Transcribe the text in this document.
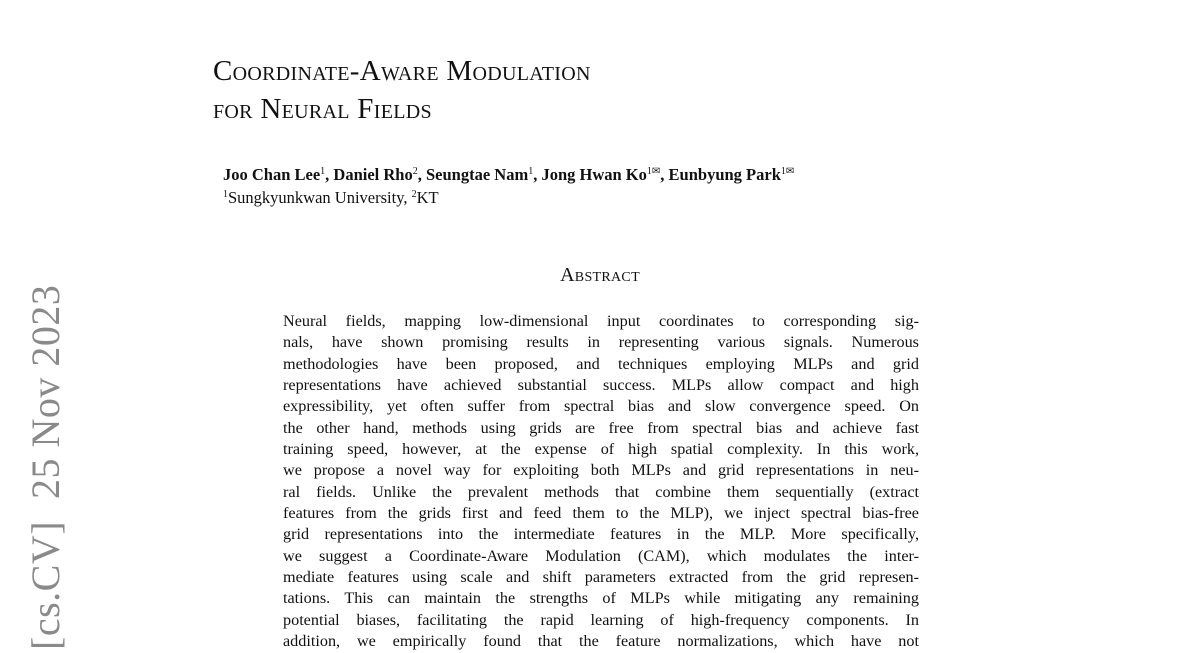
[cs.CV]25 Nov 2023
Coordinate-Aware Modulation
for Neural Fields
Joo Chan Lee$^1$, Daniel Rho$^2$, Seungtae Nam$^1$, Jong Hwan $Ko^{1✉}$, Eunbyung Park$^{1✉}$
$^1$Sungkyunkwan University, $^2$KT
Abstract
Neural fields, mapping low-dimensional input coordinates to corresponding sig-
nals, have shown promising results in representing various signals. Numerous
methodologies have been proposed, and techniques employing MLPs and grid
representations have achieved substantial success. MLPs allow compact and high
expressibility, yet often suffer from spectral bias and slow convergence speed. On
the other hand, methods using grids are free from spectral bias and achieve fast
training speed, however, at the expense of high spatial complexity. In this work,
we propose a novel way for exploiting both MLPs and grid representations in neu-
ral fields. Unlike the prevalent methods that combine them sequentially (extract
features from the grids first and feed them to the MLP), we inject spectral bias-free
grid representations into the intermediate features in the MLP. More specifically,
we suggest a Coordinate-Aware Modulation (CAM), which modulates the inter-
mediate features using scale and shift parameters extracted from the grid represen-
tations. This can maintain the strengths of MLPs while mitigating any remaining
potential biases, facilitating the rapid learning of high-frequency components. In
addition, we empirically found that the feature normalizations, which have not
